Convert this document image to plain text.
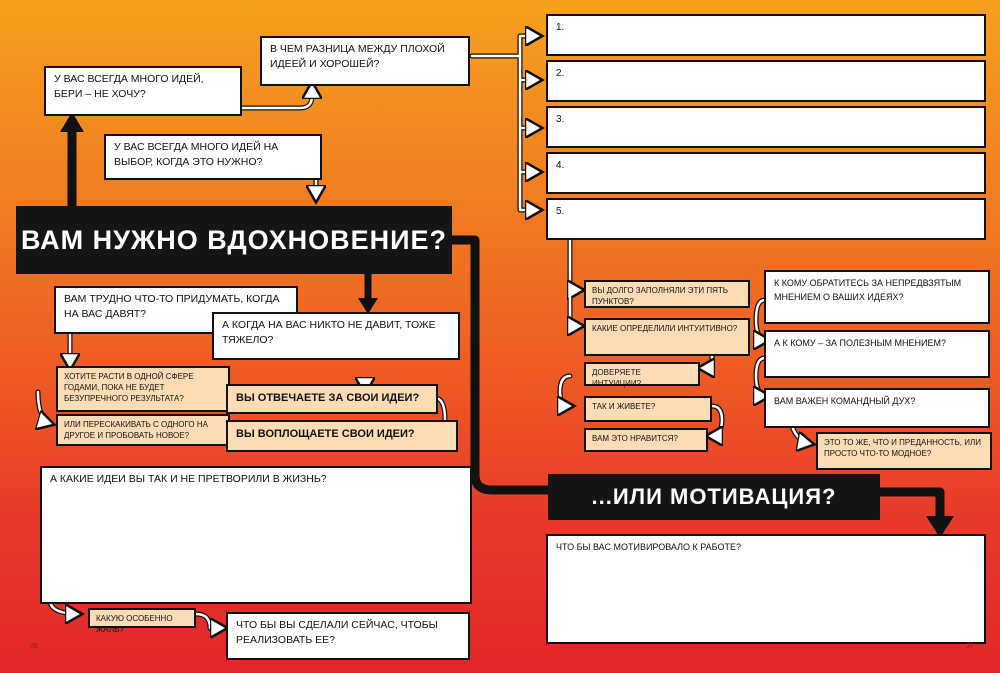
У ВАС ВСЕГДА МНОГО ИДЕЙ, БЕРИ – НЕ ХОЧУ?
В ЧЕМ РАЗНИЦА МЕЖДУ ПЛОХОЙ ИДЕЕЙ И ХОРОШЕЙ?
У ВАС ВСЕГДА МНОГО ИДЕЙ НА ВЫБОР, КОГДА ЭТО НУЖНО?
ВАМ НУЖНО ВДОХНОВЕНИЕ?
ВАМ ТРУДНО ЧТО-ТО ПРИДУМАТЬ, КОГДА НА ВАС ДАВЯТ?
А КОГДА НА ВАС НИКТО НЕ ДАВИТ, ТОЖЕ ТЯЖЕЛО?
ХОТИТЕ РАСТИ В ОДНОЙ СФЕРЕ ГОДАМИ, ПОКА НЕ БУДЕТ БЕЗУПРЕЧНОГО РЕЗУЛЬТАТА?
ИЛИ ПЕРЕСКАКИВАТЬ С ОДНОГО НА ДРУГОЕ И ПРОБОВАТЬ НОВОЕ?
ВЫ ОТВЕЧАЕТЕ ЗА СВОИ ИДЕИ?
ВЫ ВОПЛОЩАЕТЕ СВОИ ИДЕИ?
А КАКИЕ ИДЕИ ВЫ ТАК И НЕ ПРЕТВОРИЛИ В ЖИЗНЬ?
КАКУЮ ОСОБЕННО ЖАЛЬ?	ЧТО БЫ ВЫ СДЕЛАЛИ СЕЙЧАС, ЧТОБЫ РЕАЛИЗОВАТЬ ЕЕ?
38
1.
2.
3.
4.
5.
ВЫ ДОЛГО ЗАПОЛНЯЛИ ЭТИ ПЯТЬ ПУНКТОВ?
КАКИЕ ОПРЕДЕЛИЛИ ИНТУИТИВНО?
ДОВЕРЯЕТЕ ИНТУИЦИИ?
ТАК И ЖИВЕТЕ?
ВАМ ЭТО НРАВИТСЯ?
К КОМУ ОБРАТИТЕСЬ ЗА НЕПРЕДВЗЯТЫМ МНЕНИЕМ О ВАШИХ ИДЕЯХ?
А К КОМУ – ЗА ПОЛЕЗНЫМ МНЕНИЕМ?
ВАМ ВАЖЕН КОМАНДНЫЙ ДУХ?
ЭТО ТО ЖЕ, ЧТО И ПРЕДАННОСТЬ, ИЛИ ПРОСТО ЧТО-ТО МОДНОЕ?
...ИЛИ МОТИВАЦИЯ?
ЧТО БЫ ВАС МОТИВИРОВАЛО К РАБОТЕ?
37
